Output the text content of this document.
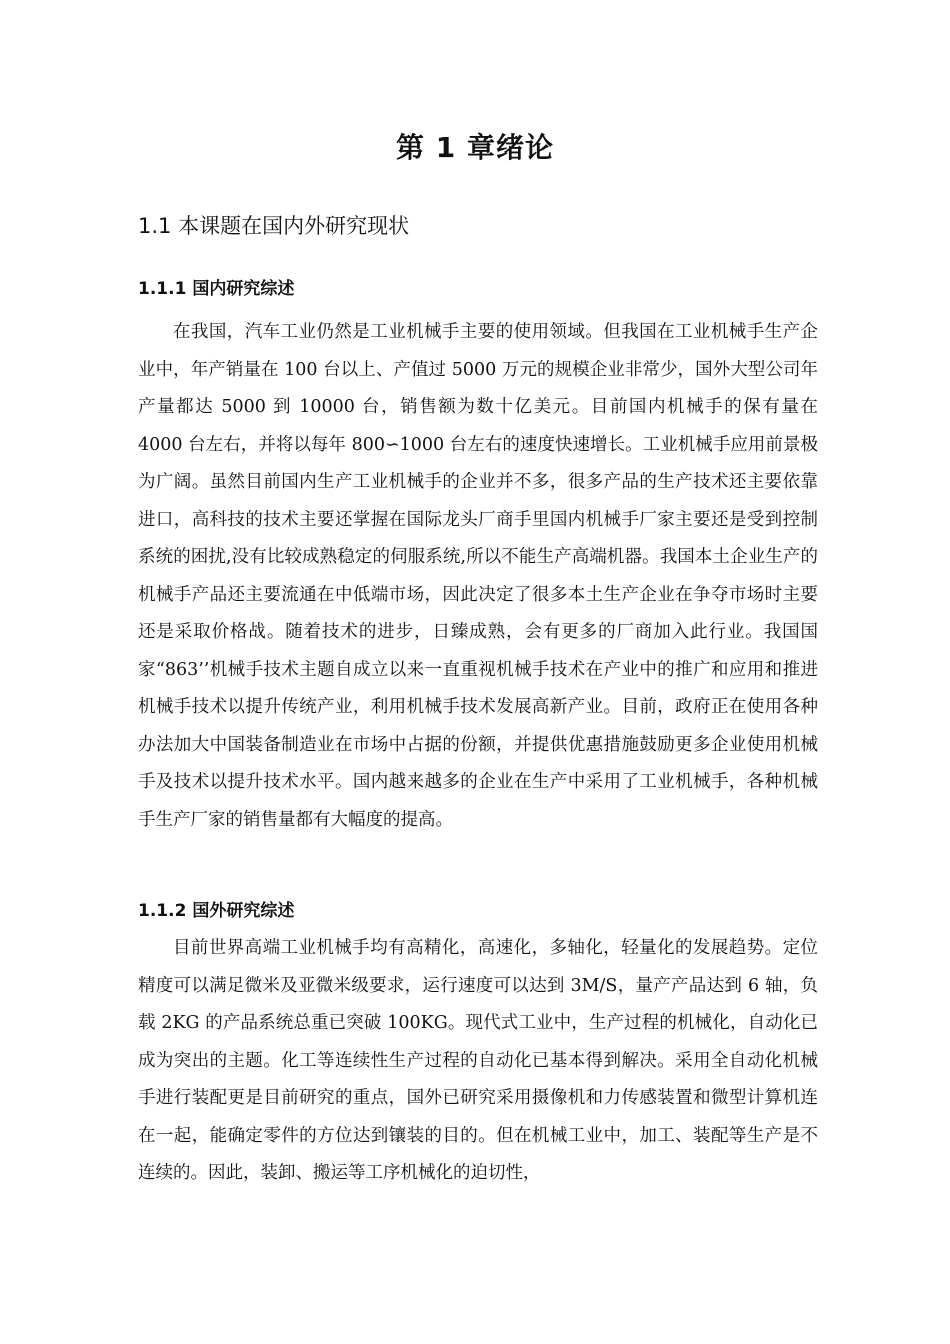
第 1 章绪论
1.1 本课题在国内外研究现状
1.1.1 国内研究综述

在我国，汽车工业仍然是工业机械手主要的使用领域。但我国在工业机械手生产企业中，年产销量在 100 台以上、产值过 5000 万元的规模企业非常少，国外大型公司年产量都达 5000 到 10000 台，销售额为数十亿美元。目前国内机械手的保有量在 4000 台左右，并将以每年 800∽1000 台左右的速度快速增长。工业机械手应用前景极为广阔。虽然目前国内生产工业机械手的企业并不多，很多产品的生产技术还主要依靠进口，高科技的技术主要还掌握在国际龙头厂商手里国内机械手厂家主要还是受到控制系统的困扰,没有比较成熟稳定的伺服系统,所以不能生产高端机器。我国本土企业生产的机械手产品还主要流通在中低端市场，因此决定了很多本土生产企业在争夺市场时主要还是采取价格战。随着技术的进步，日臻成熟，会有更多的厂商加入此行业。我国国家“863’’机械手技术主题自成立以来一直重视机械手技术在产业中的推广和应用和推进机械手技术以提升传统产业，利用机械手技术发展高新产业。目前，政府正在使用各种办法加大中国装备制造业在市场中占据的份额，并提供优惠措施鼓励更多企业使用机械手及技术以提升技术水平。国内越来越多的企业在生产中采用了工业机械手，各种机械手生产厂家的销售量都有大幅度的提高。

1.1.2 国外研究综述

目前世界高端工业机械手均有高精化，高速化，多轴化，轻量化的发展趋势。定位精度可以满足微米及亚微米级要求，运行速度可以达到 3M/S，量产产品达到 6 轴，负载 2KG 的产品系统总重已突破 100KG。现代式工业中，生产过程的机械化，自动化已成为突出的主题。化工等连续性生产过程的自动化已基本得到解决。采用全自动化机械手进行装配更是目前研究的重点，国外已研究采用摄像机和力传感装置和微型计算机连在一起，能确定零件的方位达到镶装的目的。但在机械工业中，加工、装配等生产是不连续的。因此，装卸、搬运等工序机械化的迫切性，
